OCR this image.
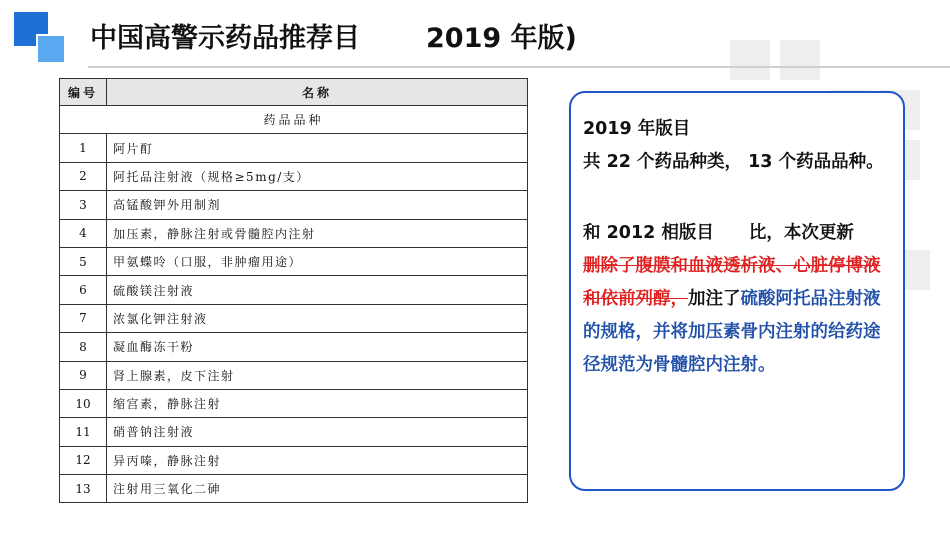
中国高警示药品推荐目 2019 年版)
编号	名称
药品品种	
1	阿片酊
2	阿托品注射液（规格≥5mg/支）
3	高锰酸钾外用制剂
4	加压素，静脉注射或骨髓腔内注射
5	甲氨蝶呤（口服，非肿瘤用途）
6	硫酸镁注射液
7	浓氯化钾注射液
8	凝血酶冻干粉
9	肾上腺素，皮下注射
10	缩宫素，静脉注射
11	硝普钠注射液
12	异丙嗪，静脉注射
13	注射用三氧化二砷

2019 年版目

共 22 个药品种类， 13 个药品品种。

和 2012 相版目　　比，本次更新

删除了腹膜和血液透析液、心脏停博液和依前列醇，加注了硫酸阿托品注射液的规格，并将加压素骨内注射的给药途径规范为骨髓腔内注射。
